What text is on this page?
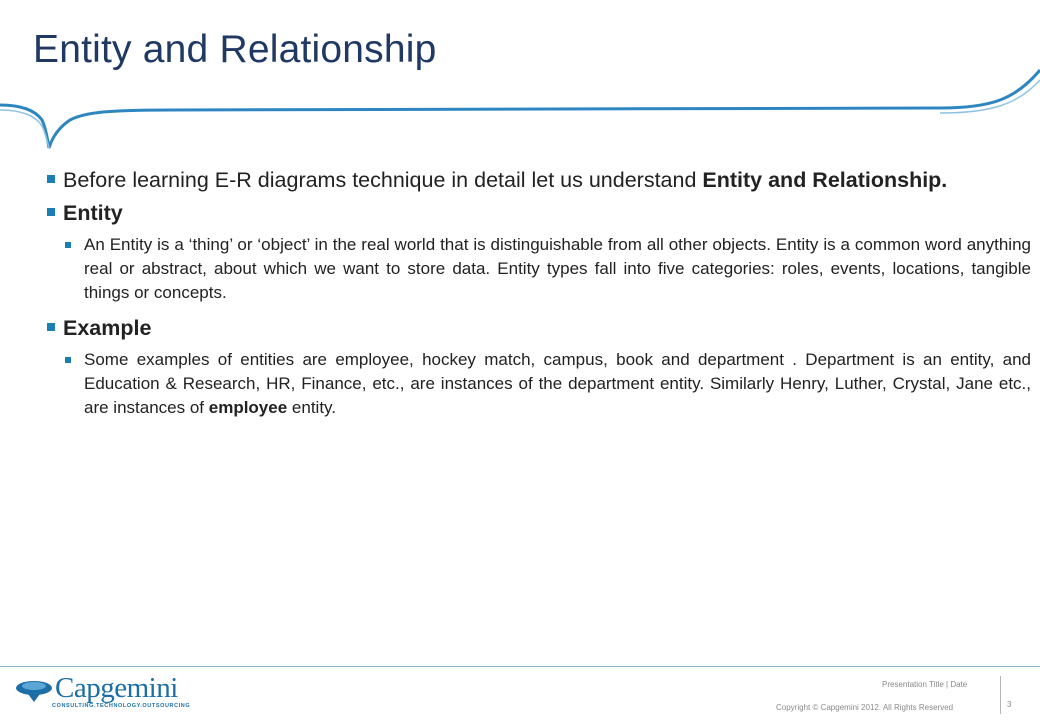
Entity and Relationship
Before learning E-R diagrams technique in detail let us understand Entity and Relationship.
Entity
An Entity is a ‘thing’ or ‘object’ in the real world that is distinguishable from all other objects. Entity is a common word anything real or abstract, about which we want to store data. Entity types fall into five categories: roles, events, locations, tangible things or concepts.
Example
Some examples of entities are employee, hockey match, campus, book and department . Department is an entity, and Education & Research, HR, Finance, etc., are instances of the department entity. Similarly Henry, Luther, Crystal, Jane etc., are instances of employee entity.
Capgemini
CONSULTING.TECHNOLOGY.OUTSOURCING
Presentation Title | Date
Copyright © Capgemini 2012. All Rights Reserved	3
